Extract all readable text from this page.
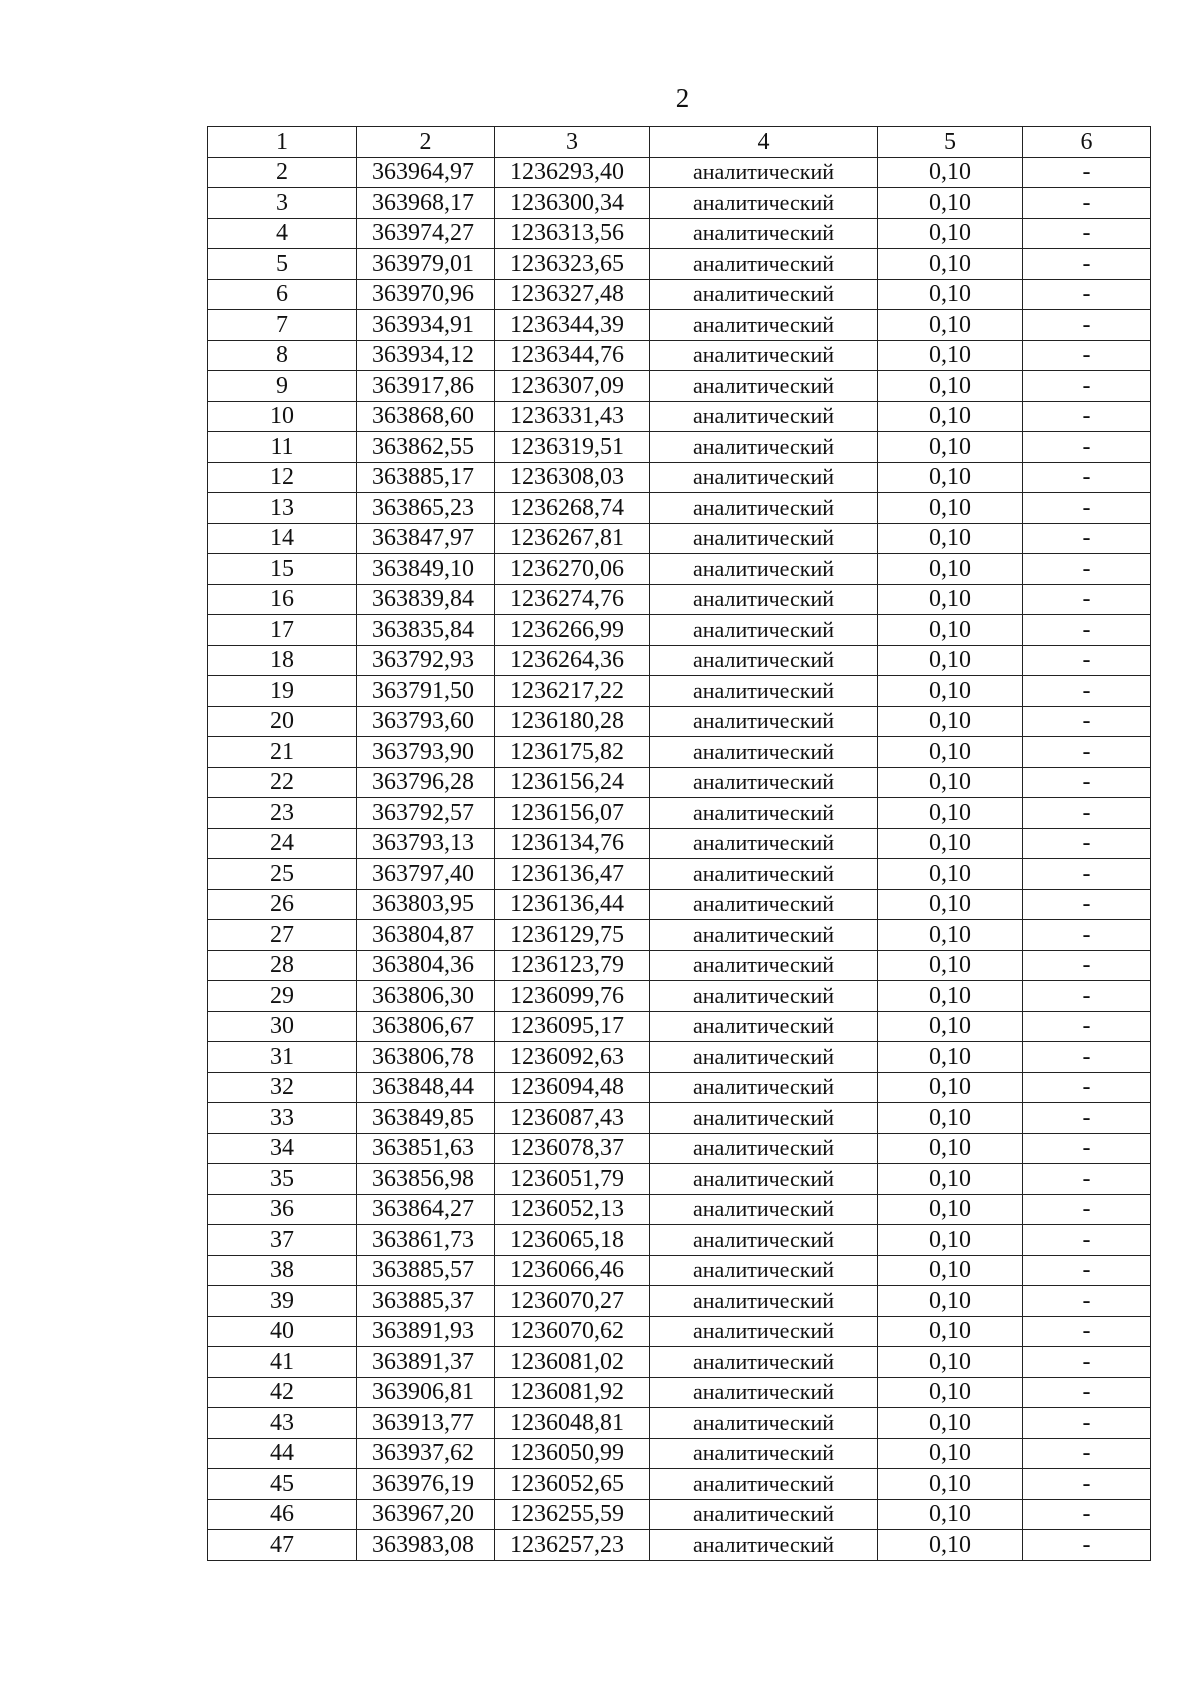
2
1	2	3	4	5	6
2	363964,97	1236293,40	аналитический	0,10	-
3	363968,17	1236300,34	аналитический	0,10	-
4	363974,27	1236313,56	аналитический	0,10	-
5	363979,01	1236323,65	аналитический	0,10	-
6	363970,96	1236327,48	аналитический	0,10	-
7	363934,91	1236344,39	аналитический	0,10	-
8	363934,12	1236344,76	аналитический	0,10	-
9	363917,86	1236307,09	аналитический	0,10	-
10	363868,60	1236331,43	аналитический	0,10	-
11	363862,55	1236319,51	аналитический	0,10	-
12	363885,17	1236308,03	аналитический	0,10	-
13	363865,23	1236268,74	аналитический	0,10	-
14	363847,97	1236267,81	аналитический	0,10	-
15	363849,10	1236270,06	аналитический	0,10	-
16	363839,84	1236274,76	аналитический	0,10	-
17	363835,84	1236266,99	аналитический	0,10	-
18	363792,93	1236264,36	аналитический	0,10	-
19	363791,50	1236217,22	аналитический	0,10	-
20	363793,60	1236180,28	аналитический	0,10	-
21	363793,90	1236175,82	аналитический	0,10	-
22	363796,28	1236156,24	аналитический	0,10	-
23	363792,57	1236156,07	аналитический	0,10	-
24	363793,13	1236134,76	аналитический	0,10	-
25	363797,40	1236136,47	аналитический	0,10	-
26	363803,95	1236136,44	аналитический	0,10	-
27	363804,87	1236129,75	аналитический	0,10	-
28	363804,36	1236123,79	аналитический	0,10	-
29	363806,30	1236099,76	аналитический	0,10	-
30	363806,67	1236095,17	аналитический	0,10	-
31	363806,78	1236092,63	аналитический	0,10	-
32	363848,44	1236094,48	аналитический	0,10	-
33	363849,85	1236087,43	аналитический	0,10	-
34	363851,63	1236078,37	аналитический	0,10	-
35	363856,98	1236051,79	аналитический	0,10	-
36	363864,27	1236052,13	аналитический	0,10	-
37	363861,73	1236065,18	аналитический	0,10	-
38	363885,57	1236066,46	аналитический	0,10	-
39	363885,37	1236070,27	аналитический	0,10	-
40	363891,93	1236070,62	аналитический	0,10	-
41	363891,37	1236081,02	аналитический	0,10	-
42	363906,81	1236081,92	аналитический	0,10	-
43	363913,77	1236048,81	аналитический	0,10	-
44	363937,62	1236050,99	аналитический	0,10	-
45	363976,19	1236052,65	аналитический	0,10	-
46	363967,20	1236255,59	аналитический	0,10	-
47	363983,08	1236257,23	аналитический	0,10	-
